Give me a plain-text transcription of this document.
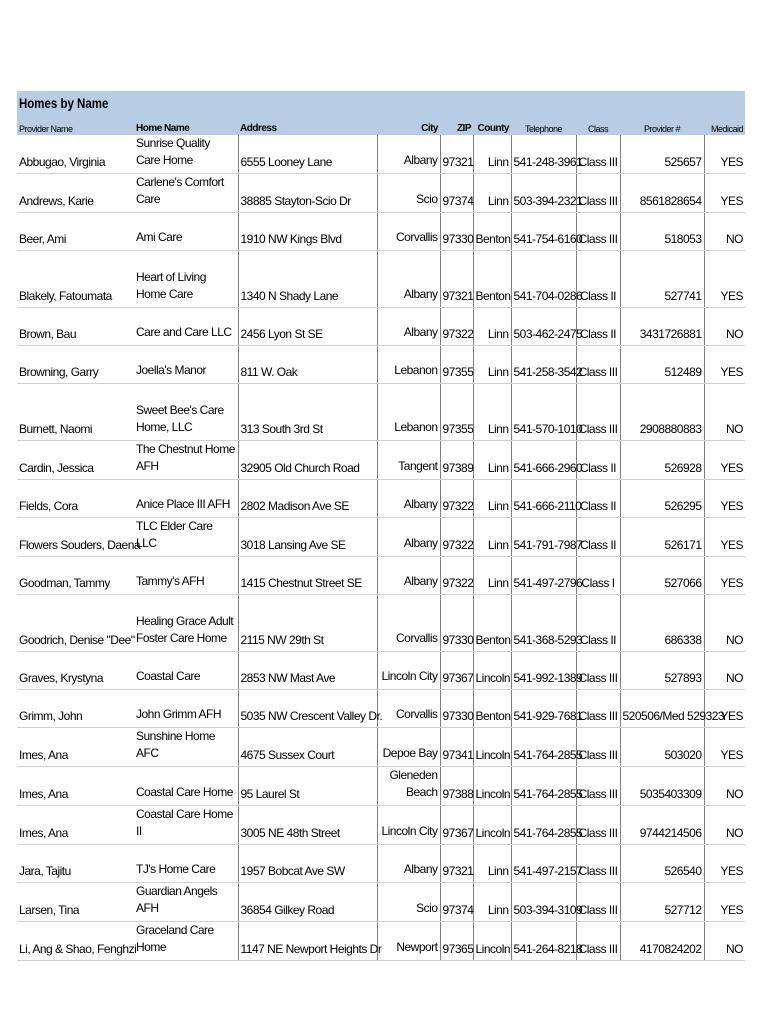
Homes by Name
Provider Name	Home Name	Address	City	ZIP	County	Telephone	Class	Provider #	Medicaid
Abbugao, Virginia	Sunrise Quality Care Home	6555 Looney Lane	Albany	97321	Linn	541-248-3961	Class III	525657	YES
Andrews, Karie	Carlene's Comfort Care	38885 Stayton-Scio Dr	Scio	97374	Linn	503-394-2321	Class III	8561828654	YES
Beer, Ami	Ami Care	1910 NW Kings Blvd	Corvallis	97330	Benton	541-754-6160	Class III	518053	NO
Blakely, Fatoumata	Heart of Living Home Care	1340 N Shady Lane	Albany	97321	Benton	541-704-0286	Class II	527741	YES
Brown, Bau	Care and Care LLC	2456 Lyon St SE	Albany	97322	Linn	503-462-2475	Class II	3431726881	NO
Browning, Garry	Joella's Manor	811 W. Oak	Lebanon	97355	Linn	541-258-3542	Class III	512489	YES
Burnett, Naomi	Sweet Bee's Care Home, LLC	313 South 3rd St	Lebanon	97355	Linn	541-570-1010	Class III	2908880883	NO
Cardin, Jessica	The Chestnut Home AFH	32905 Old Church Road	Tangent	97389	Linn	541-666-2960	Class II	526928	YES
Fields, Cora	Anice Place III AFH	2802 Madison Ave SE	Albany	97322	Linn	541-666-2110	Class II	526295	YES
Flowers Souders, Daena	TLC Elder Care LLC	3018 Lansing Ave SE	Albany	97322	Linn	541-791-7987	Class II	526171	YES
Goodman, Tammy	Tammy's AFH	1415 Chestnut Street SE	Albany	97322	Linn	541-497-2796	Class I	527066	YES
Goodrich, Denise "Dee"	Healing Grace Adult Foster Care Home	2115 NW 29th St	Corvallis	97330	Benton	541-368-5293	Class II	686338	NO
Graves, Krystyna	Coastal Care	2853 NW Mast Ave	Lincoln City	97367	Lincoln	541-992-1389	Class III	527893	NO
Grimm, John	John Grimm AFH	5035 NW Crescent Valley Dr.	Corvallis	97330	Benton	541-929-7681	Class III	520506/Med 529323	YES
Imes, Ana	Sunshine Home AFC	4675 Sussex Court	Depoe Bay	97341	Lincoln	541-764-2855	Class III	503020	YES
Imes, Ana	Coastal Care Home	95 Laurel St	Gleneden Beach	97388	Lincoln	541-764-2855	Class III	5035403309	NO
Imes, Ana	Coastal Care Home II	3005 NE 48th Street	Lincoln City	97367	Lincoln	541-764-2855	Class III	9744214506	NO
Jara, Tajitu	TJ's Home Care	1957 Bobcat Ave SW	Albany	97321	Linn	541-497-2157	Class III	526540	YES
Larsen, Tina	Guardian Angels AFH	36854 Gilkey Road	Scio	97374	Linn	503-394-3109	Class III	527712	YES
Li, Ang & Shao, Fenghzi	Graceland Care Home	1147 NE Newport Heights Dr	Newport	97365	Lincoln	541-264-8218	Class III	4170824202	NO
